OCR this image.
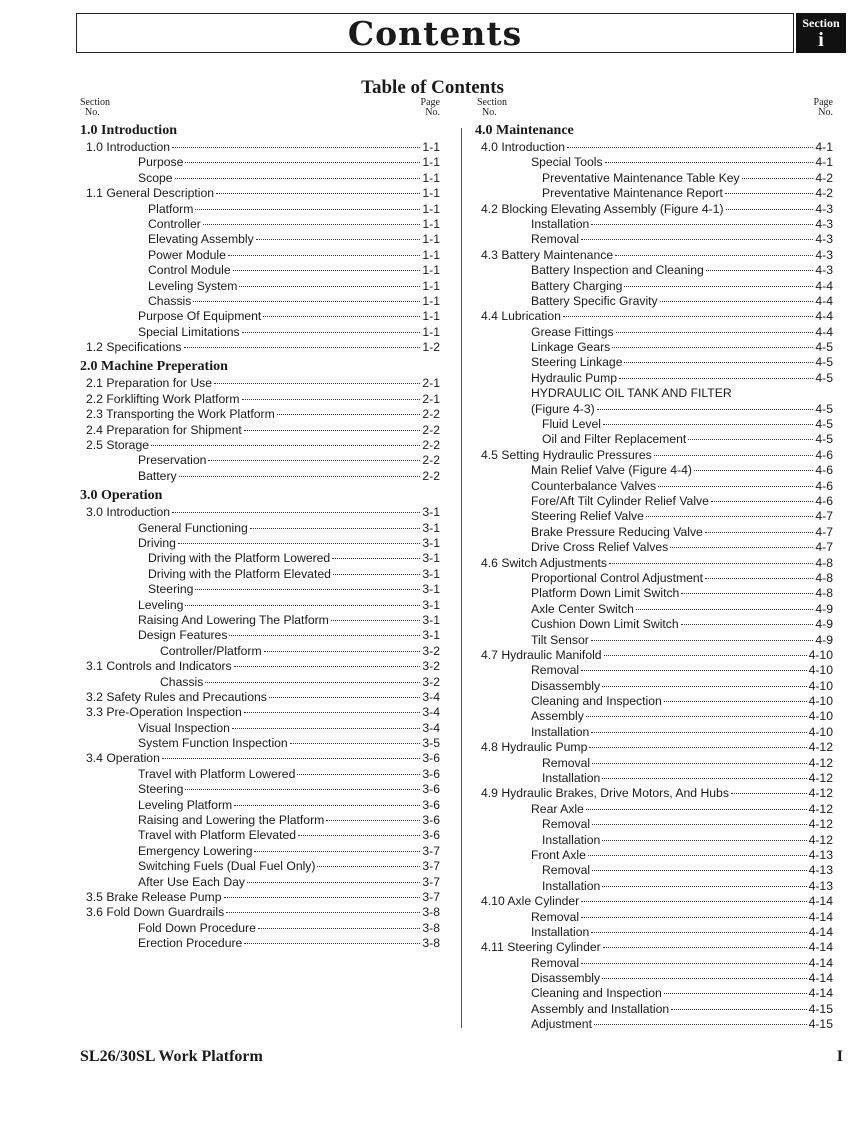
Contents	Section
i
Table of Contents
Section
No.
Page
No.
1.0 Introduction
1.0 Introduction	1-1
Purpose	1-1
Scope	1-1
1.1 General Description	1-1
Platform	1-1
Controller	1-1
Elevating Assembly	1-1
Power Module	1-1
Control Module	1-1
Leveling System	1-1
Chassis	1-1
Purpose Of Equipment	1-1
Special Limitations	1-1
1.2 Specifications	1-2
2.0 Machine Preperation
2.1 Preparation for Use	2-1
2.2 Forklifting Work Platform	2-1
2.3 Transporting the Work Platform	2-2
2.4 Preparation for Shipment	2-2
2.5 Storage	2-2
Preservation	2-2
Battery	2-2
3.0 Operation
3.0 Introduction	3-1
General Functioning	3-1
Driving	3-1
Driving with the Platform Lowered	3-1
Driving with the Platform Elevated	3-1
Steering	3-1
Leveling	3-1
Raising And Lowering The Platform	3-1
Design Features	3-1
Controller/Platform	3-2
3.1 Controls and Indicators	3-2
Chassis	3-2
3.2 Safety Rules and Precautions	3-4
3.3 Pre-Operation Inspection	3-4
Visual Inspection	3-4
System Function Inspection	3-5
3.4 Operation	3-6
Travel with Platform Lowered	3-6
Steering	3-6
Leveling Platform	3-6
Raising and Lowering the Platform	3-6
Travel with Platform Elevated	3-6
Emergency Lowering	3-7
Switching Fuels (Dual Fuel Only)	3-7
After Use Each Day	3-7
3.5 Brake Release Pump	3-7
3.6 Fold Down Guardrails	3-8
Fold Down Procedure	3-8
Erection Procedure	3-8
Section
No.
Page
No.
4.0 Maintenance
4.0 Introduction	4-1
Special Tools	4-1
Preventative Maintenance Table Key	4-2
Preventative Maintenance Report	4-2
4.2 Blocking Elevating Assembly (Figure 4-1)	4-3
Installation	4-3
Removal	4-3
4.3 Battery Maintenance	4-3
Battery Inspection and Cleaning	4-3
Battery Charging	4-4
Battery Specific Gravity	4-4
4.4 Lubrication	4-4
Grease Fittings	4-4
Linkage Gears	4-5
Steering Linkage	4-5
Hydraulic Pump	4-5
HYDRAULIC OIL TANK AND FILTER
(Figure 4-3)	4-5
Fluid Level	4-5
Oil and Filter Replacement	4-5
4.5 Setting Hydraulic Pressures	4-6
Main Relief Valve (Figure 4-4)	4-6
Counterbalance Valves	4-6
Fore/Aft Tilt Cylinder Relief Valve	4-6
Steering Relief Valve	4-7
Brake Pressure Reducing Valve	4-7
Drive Cross Relief Valves	4-7
4.6 Switch Adjustments	4-8
Proportional Control Adjustment	4-8
Platform Down Limit Switch	4-8
Axle Center Switch	4-9
Cushion Down Limit Switch	4-9
Tilt Sensor	4-9
4.7 Hydraulic Manifold	4-10
Removal	4-10
Disassembly	4-10
Cleaning and Inspection	4-10
Assembly	4-10
Installation	4-10
4.8 Hydraulic Pump	4-12
Removal	4-12
Installation	4-12
4.9 Hydraulic Brakes, Drive Motors, And Hubs	4-12
Rear Axle	4-12
Removal	4-12
Installation	4-12
Front Axle	4-13
Removal	4-13
Installation	4-13
4.10 Axle Cylinder	4-14
Removal	4-14
Installation	4-14
4.11 Steering Cylinder	4-14
Removal	4-14
Disassembly	4-14
Cleaning and Inspection	4-14
Assembly and Installation	4-15
Adjustment	4-15
SL26/30SL Work Platform	I
